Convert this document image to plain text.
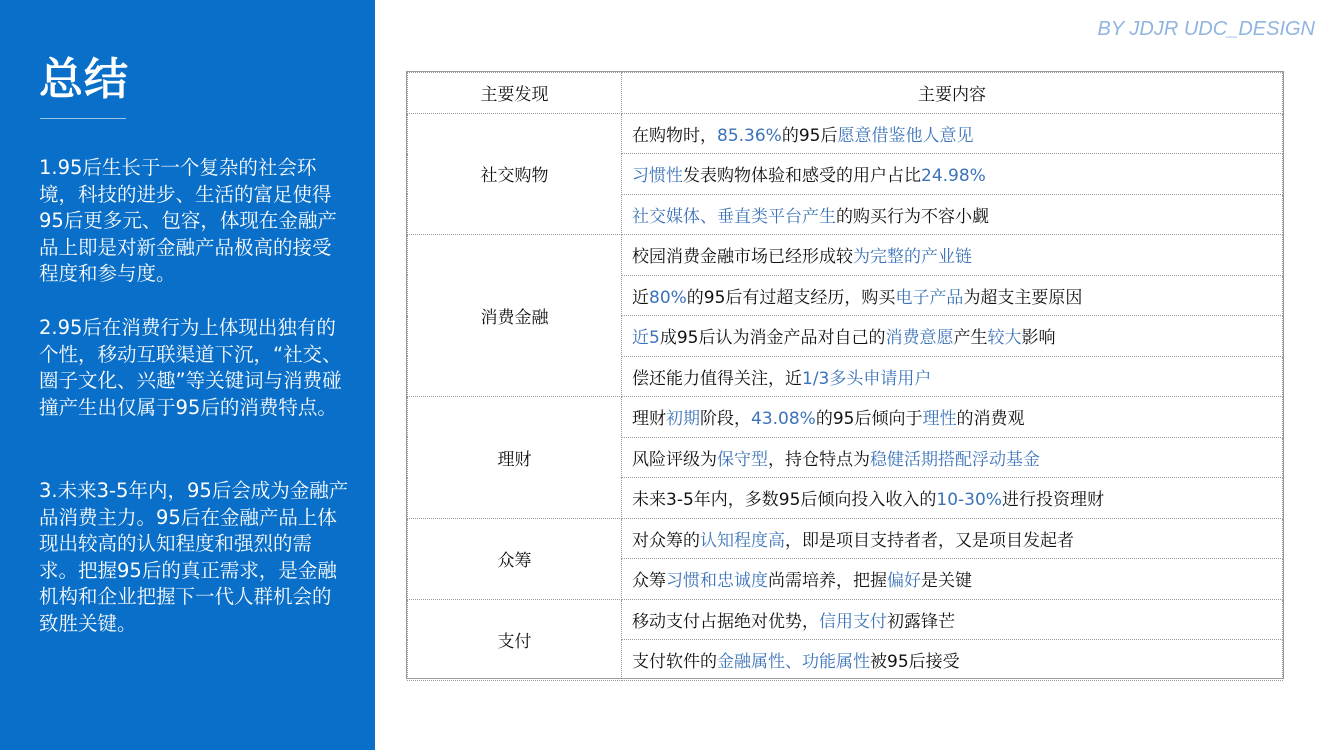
总结
1.95后生长于一个复杂的社会环境，科技的进步、生活的富足使得95后更多元、包容，体现在金融产品上即是对新金融产品极高的接受程度和参与度。
2.95后在消费行为上体现出独有的个性，移动互联渠道下沉，“社交、圈子文化、兴趣”等关键词与消费碰撞产生出仅属于95后的消费特点。
3.未来3-5年内，95后会成为金融产品消费主力。95后在金融产品上体现出较高的认知程度和强烈的需求。把握95后的真正需求，是金融机构和企业把握下一代人群机会的致胜关键。
BY JDJR UDC_DESIGN
主要发现	主要内容
社交购物	在购物时，85.36%的95后愿意借鉴他人意见
	习惯性发表购物体验和感受的用户占比24.98%
	社交媒体、垂直类平台产生的购买行为不容小觑
消费金融	校园消费金融市场已经形成较为完整的产业链
	近80%的95后有过超支经历，购买电子产品为超支主要原因
	近5成95后认为消金产品对自己的消费意愿产生较大影响
	偿还能力值得关注，近1/3多头申请用户
理财	理财初期阶段，43.08%的95后倾向于理性的消费观
	风险评级为保守型，持仓特点为稳健活期搭配浮动基金
	未来3-5年内，多数95后倾向投入收入的10-30%进行投资理财
众筹	对众筹的认知程度高，即是项目支持者者，又是项目发起者
	众筹习惯和忠诚度尚需培养，把握偏好是关键
支付	移动支付占据绝对优势，信用支付初露锋芒
	支付软件的金融属性、功能属性被95后接受
